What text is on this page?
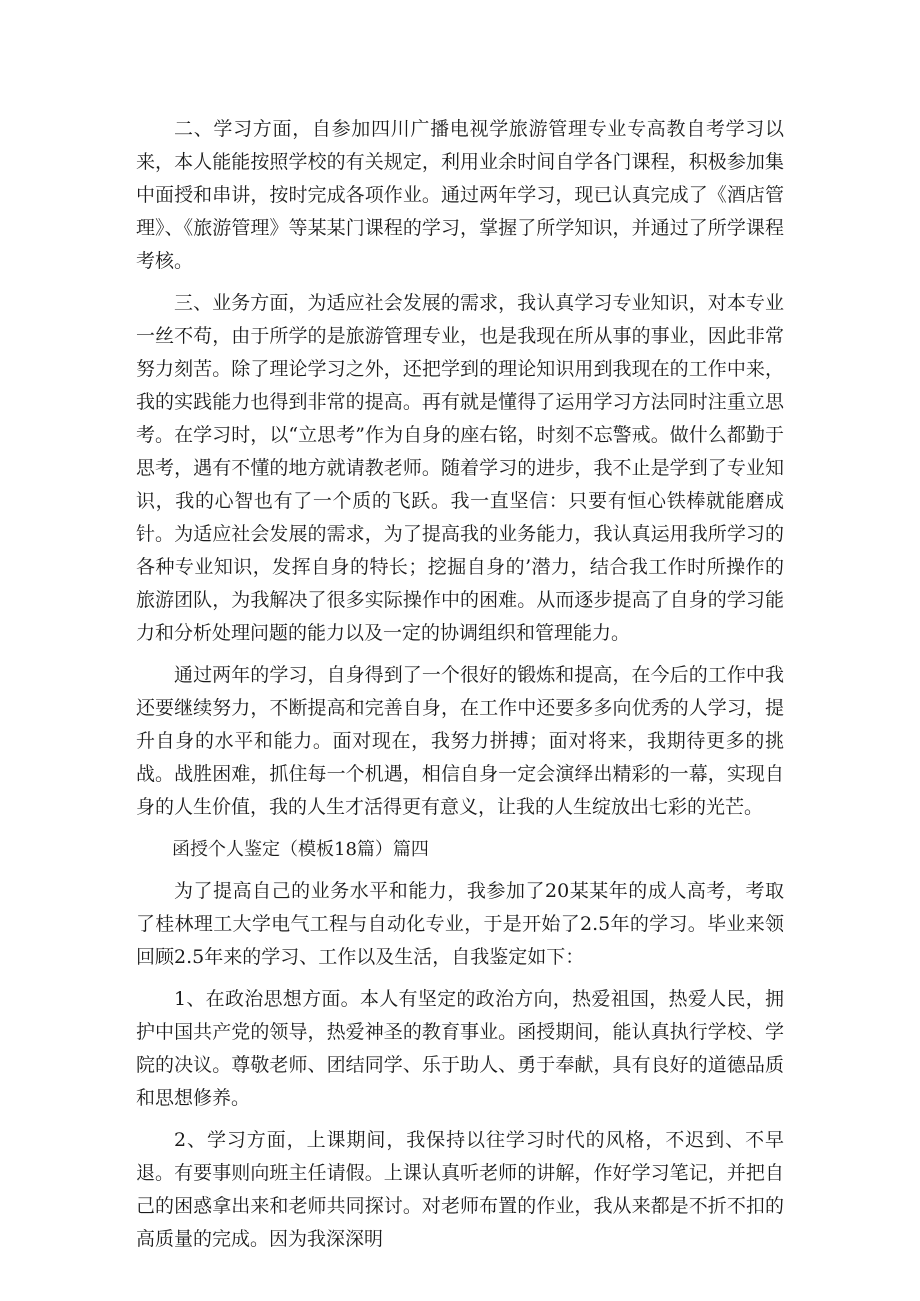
二、学习方面，自参加四川广播电视学旅游管理专业专高教自考学习以来，本人能能按照学校的有关规定，利用业余时间自学各门课程，积极参加集中面授和串讲，按时完成各项作业。通过两年学习，现已认真完成了《酒店管理》、《旅游管理》等某某门课程的学习，掌握了所学知识，并通过了所学课程考核。

三、业务方面，为适应社会发展的需求，我认真学习专业知识，对本专业一丝不苟，由于所学的是旅游管理专业，也是我现在所从事的事业，因此非常努力刻苦。除了理论学习之外，还把学到的理论知识用到我现在的工作中来，我的实践能力也得到非常的提高。再有就是懂得了运用学习方法同时注重立思考。在学习时，以“立思考”作为自身的座右铭，时刻不忘警戒。做什么都勤于思考，遇有不懂的地方就请教老师。随着学习的进步，我不止是学到了专业知识，我的心智也有了一个质的飞跃。我一直坚信：只要有恒心铁棒就能磨成针。为适应社会发展的需求，为了提高我的业务能力，我认真运用我所学习的各种专业知识，发挥自身的特长；挖掘自身的’潜力，结合我工作时所操作的旅游团队，为我解决了很多实际操作中的困难。从而逐步提高了自身的学习能力和分析处理问题的能力以及一定的协调组织和管理能力。

通过两年的学习，自身得到了一个很好的锻炼和提高，在今后的工作中我还要继续努力，不断提高和完善自身，在工作中还要多多向优秀的人学习，提升自身的水平和能力。面对现在，我努力拼搏；面对将来，我期待更多的挑战。战胜困难，抓住每一个机遇，相信自身一定会演绎出精彩的一幕，实现自身的人生价值，我的人生才活得更有意义，让我的人生绽放出七彩的光芒。

函授个人鉴定（模板18篇）篇四

为了提高自己的业务水平和能力，我参加了20某某年的成人高考，考取了桂林理工大学电气工程与自动化专业，于是开始了2.5年的学习。毕业来领回顾2.5年来的学习、工作以及生活，自我鉴定如下：

1、在政治思想方面。本人有坚定的政治方向，热爱祖国，热爱人民，拥护中国共产党的领导，热爱神圣的教育事业。函授期间，能认真执行学校、学院的决议。尊敬老师、团结同学、乐于助人、勇于奉献，具有良好的道德品质和思想修养。

2、学习方面，上课期间，我保持以往学习时代的风格，不迟到、不早退。有要事则向班主任请假。上课认真听老师的讲解，作好学习笔记，并把自己的困惑拿出来和老师共同探讨。对老师布置的作业，我从来都是不折不扣的高质量的完成。因为我深深明
